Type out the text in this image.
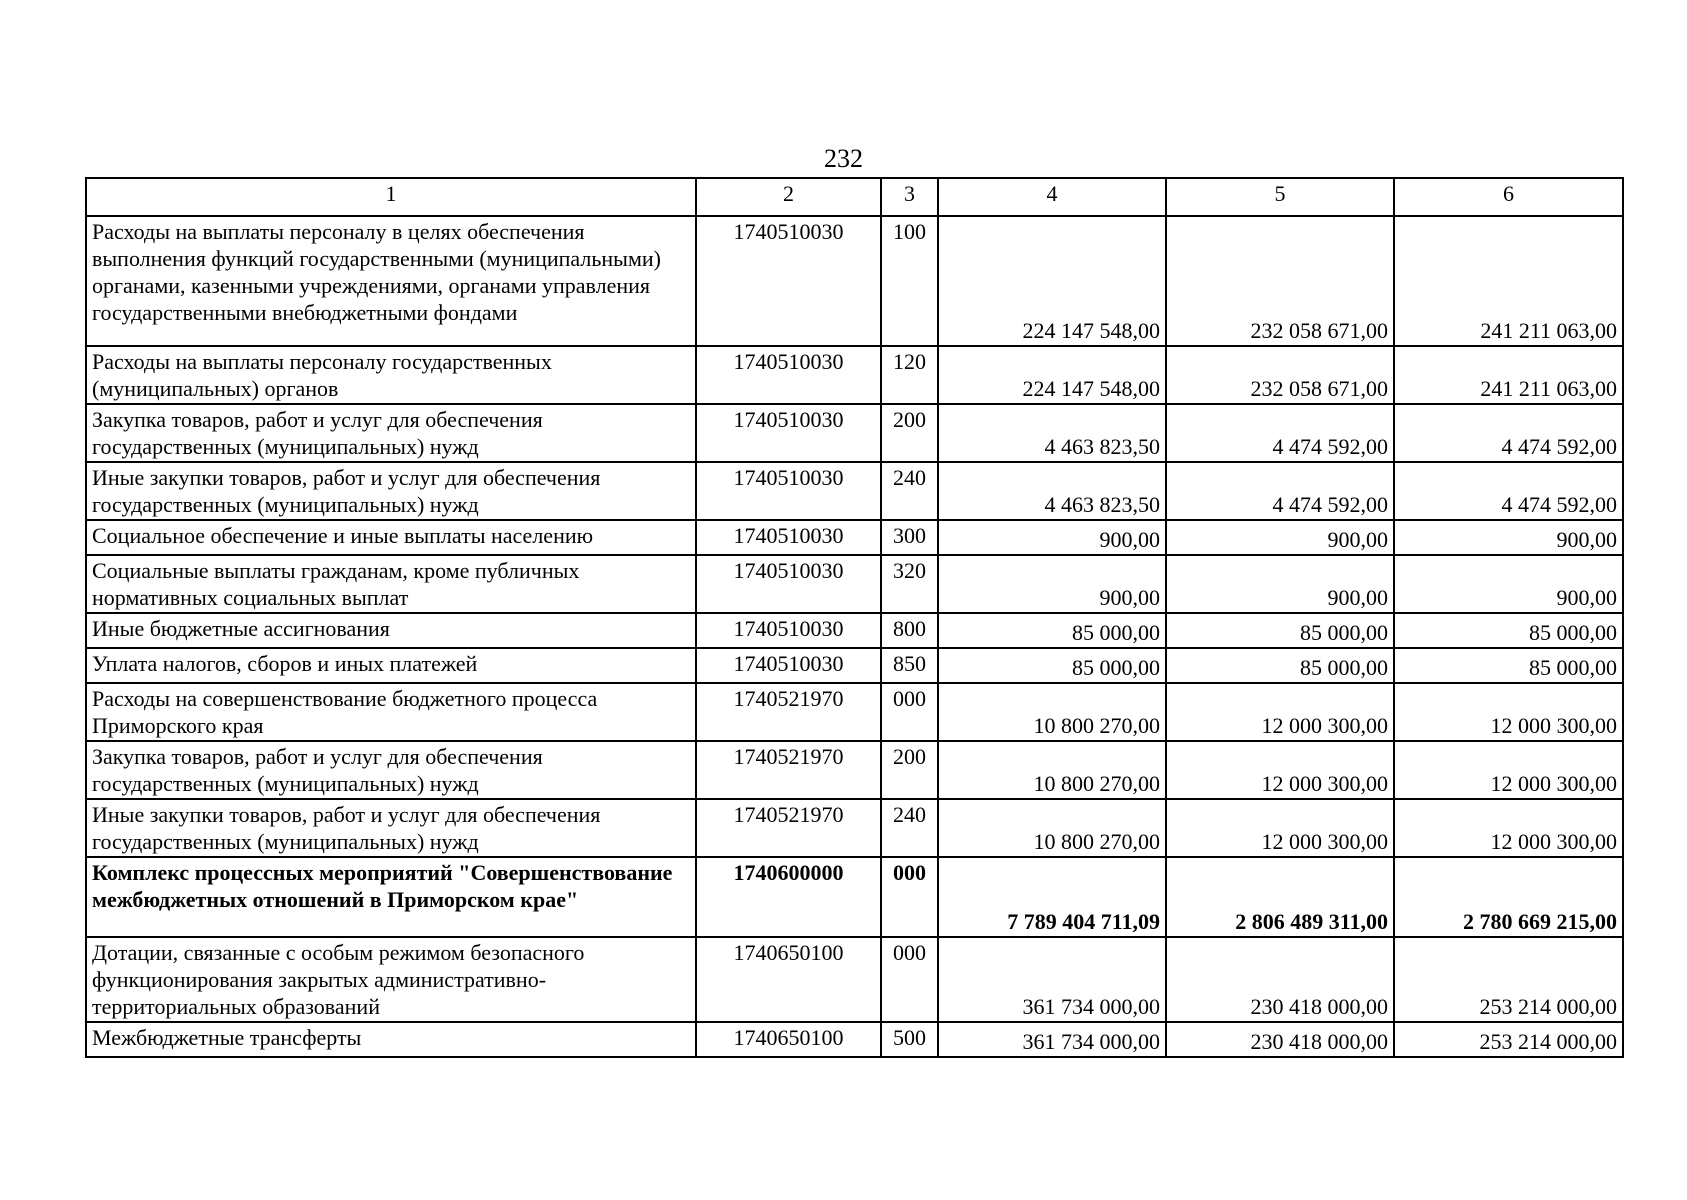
232
1	2	3	4	5	6
Расходы на выплаты персоналу в целях обеспечения выполнения функций государственными (муниципальными) органами, казенными учреждениями, органами управления государственными внебюджетными фондами	1740510030	100	224 147 548,00	232 058 671,00	241 211 063,00
Расходы на выплаты персоналу государственных (муниципальных) органов	1740510030	120	224 147 548,00	232 058 671,00	241 211 063,00
Закупка товаров, работ и услуг для обеспечения государственных (муниципальных) нужд	1740510030	200	4 463 823,50	4 474 592,00	4 474 592,00
Иные закупки товаров, работ и услуг для обеспечения государственных (муниципальных) нужд	1740510030	240	4 463 823,50	4 474 592,00	4 474 592,00
Социальное обеспечение и иные выплаты населению	1740510030	300	900,00	900,00	900,00
Социальные выплаты гражданам, кроме публичных нормативных социальных выплат	1740510030	320	900,00	900,00	900,00
Иные бюджетные ассигнования	1740510030	800	85 000,00	85 000,00	85 000,00
Уплата налогов, сборов и иных платежей	1740510030	850	85 000,00	85 000,00	85 000,00
Расходы на совершенствование бюджетного процесса Приморского края	1740521970	000	10 800 270,00	12 000 300,00	12 000 300,00
Закупка товаров, работ и услуг для обеспечения государственных (муниципальных) нужд	1740521970	200	10 800 270,00	12 000 300,00	12 000 300,00
Иные закупки товаров, работ и услуг для обеспечения государственных (муниципальных) нужд	1740521970	240	10 800 270,00	12 000 300,00	12 000 300,00
Комплекс процессных мероприятий "Совершенствование межбюджетных отношений в Приморском крае"	1740600000	000	7 789 404 711,09	2 806 489 311,00	2 780 669 215,00
Дотации, связанные с особым режимом безопасного функционирования закрытых административно-территориальных образований	1740650100	000	361 734 000,00	230 418 000,00	253 214 000,00
Межбюджетные трансферты	1740650100	500	361 734 000,00	230 418 000,00	253 214 000,00
